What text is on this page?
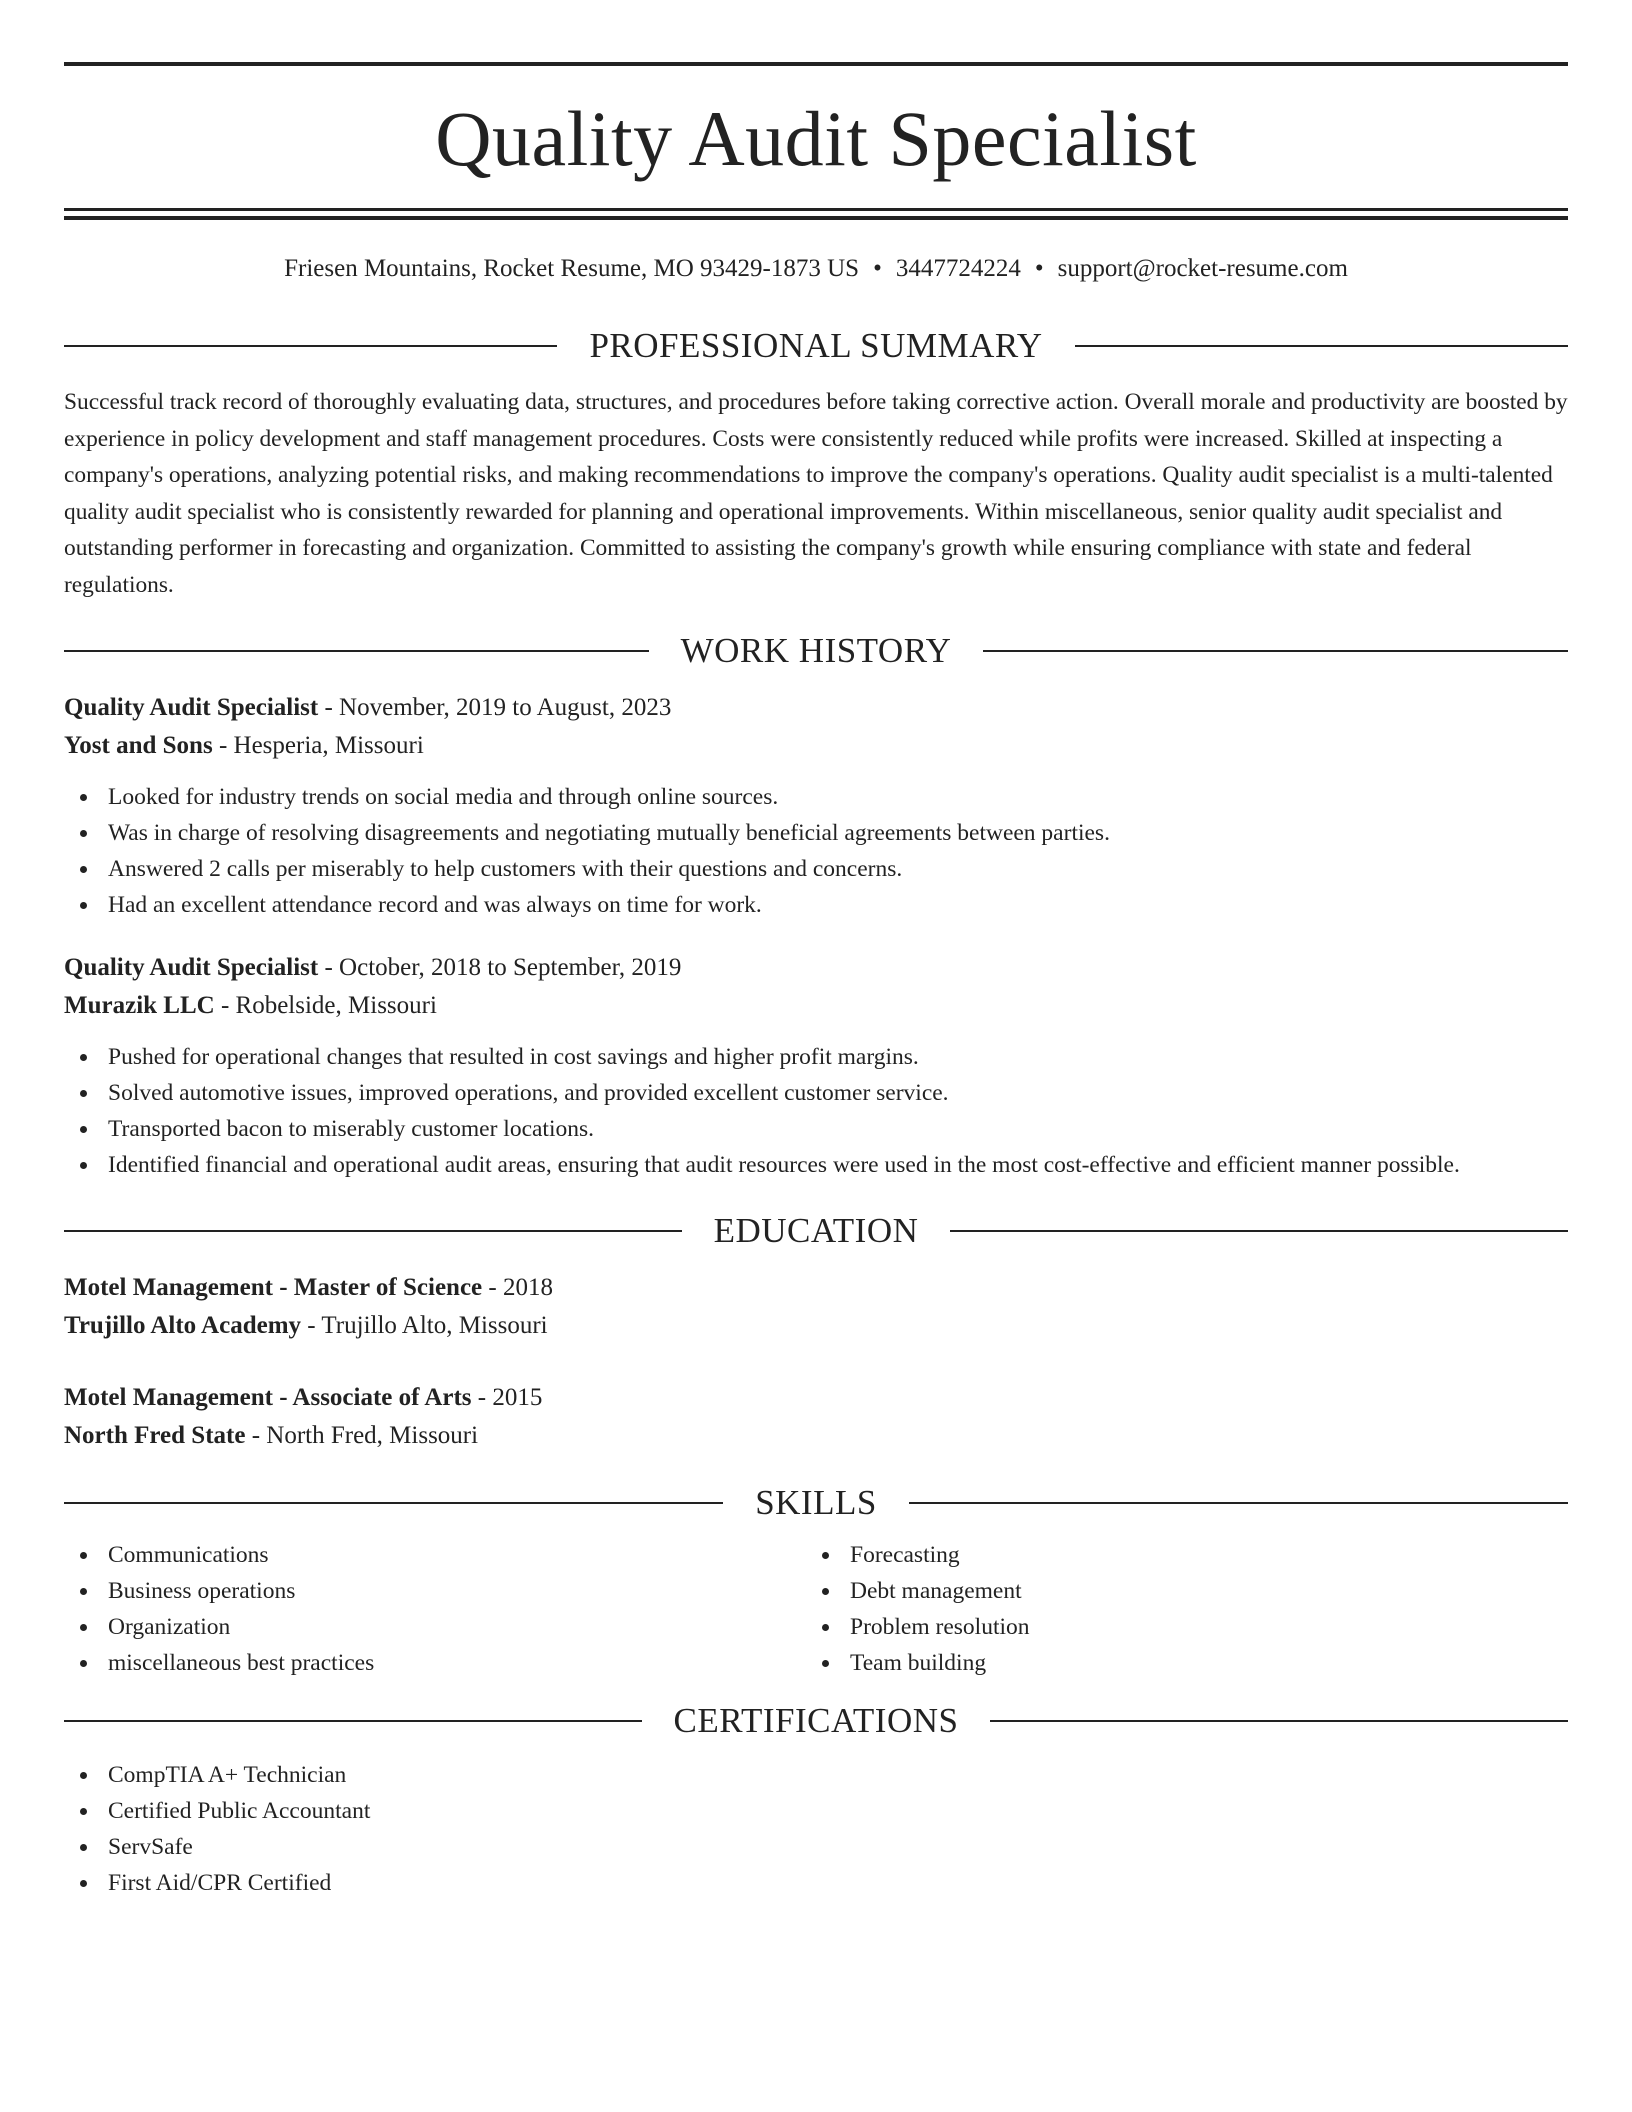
Quality Audit Specialist
Friesen Mountains, Rocket Resume, MO 93429-1873 US • 3447724224 • support@rocket-resume.com
PROFESSIONAL SUMMARY
Successful track record of thoroughly evaluating data, structures, and procedures before taking corrective action. Overall morale and productivity are boosted by experience in policy development and staff management procedures. Costs were consistently reduced while profits were increased. Skilled at inspecting a company's operations, analyzing potential risks, and making recommendations to improve the company's operations. Quality audit specialist is a multi-talented quality audit specialist who is consistently rewarded for planning and operational improvements. Within miscellaneous, senior quality audit specialist and outstanding performer in forecasting and organization. Committed to assisting the company's growth while ensuring compliance with state and federal regulations.
WORK HISTORY
Quality Audit Specialist - November, 2019 to August, 2023
Yost and Sons - Hesperia, Missouri
Looked for industry trends on social media and through online sources.
Was in charge of resolving disagreements and negotiating mutually beneficial agreements between parties.
Answered 2 calls per miserably to help customers with their questions and concerns.
Had an excellent attendance record and was always on time for work.
Quality Audit Specialist - October, 2018 to September, 2019
Murazik LLC - Robelside, Missouri
Pushed for operational changes that resulted in cost savings and higher profit margins.
Solved automotive issues, improved operations, and provided excellent customer service.
Transported bacon to miserably customer locations.
Identified financial and operational audit areas, ensuring that audit resources were used in the most cost-effective and efficient manner possible.
EDUCATION
Motel Management - Master of Science - 2018
Trujillo Alto Academy - Trujillo Alto, Missouri
Motel Management - Associate of Arts - 2015
North Fred State - North Fred, Missouri
SKILLS
Communications
Business operations
Organization
miscellaneous best practices
Forecasting
Debt management
Problem resolution
Team building
CERTIFICATIONS
CompTIA A+ Technician
Certified Public Accountant
ServSafe
First Aid/CPR Certified
